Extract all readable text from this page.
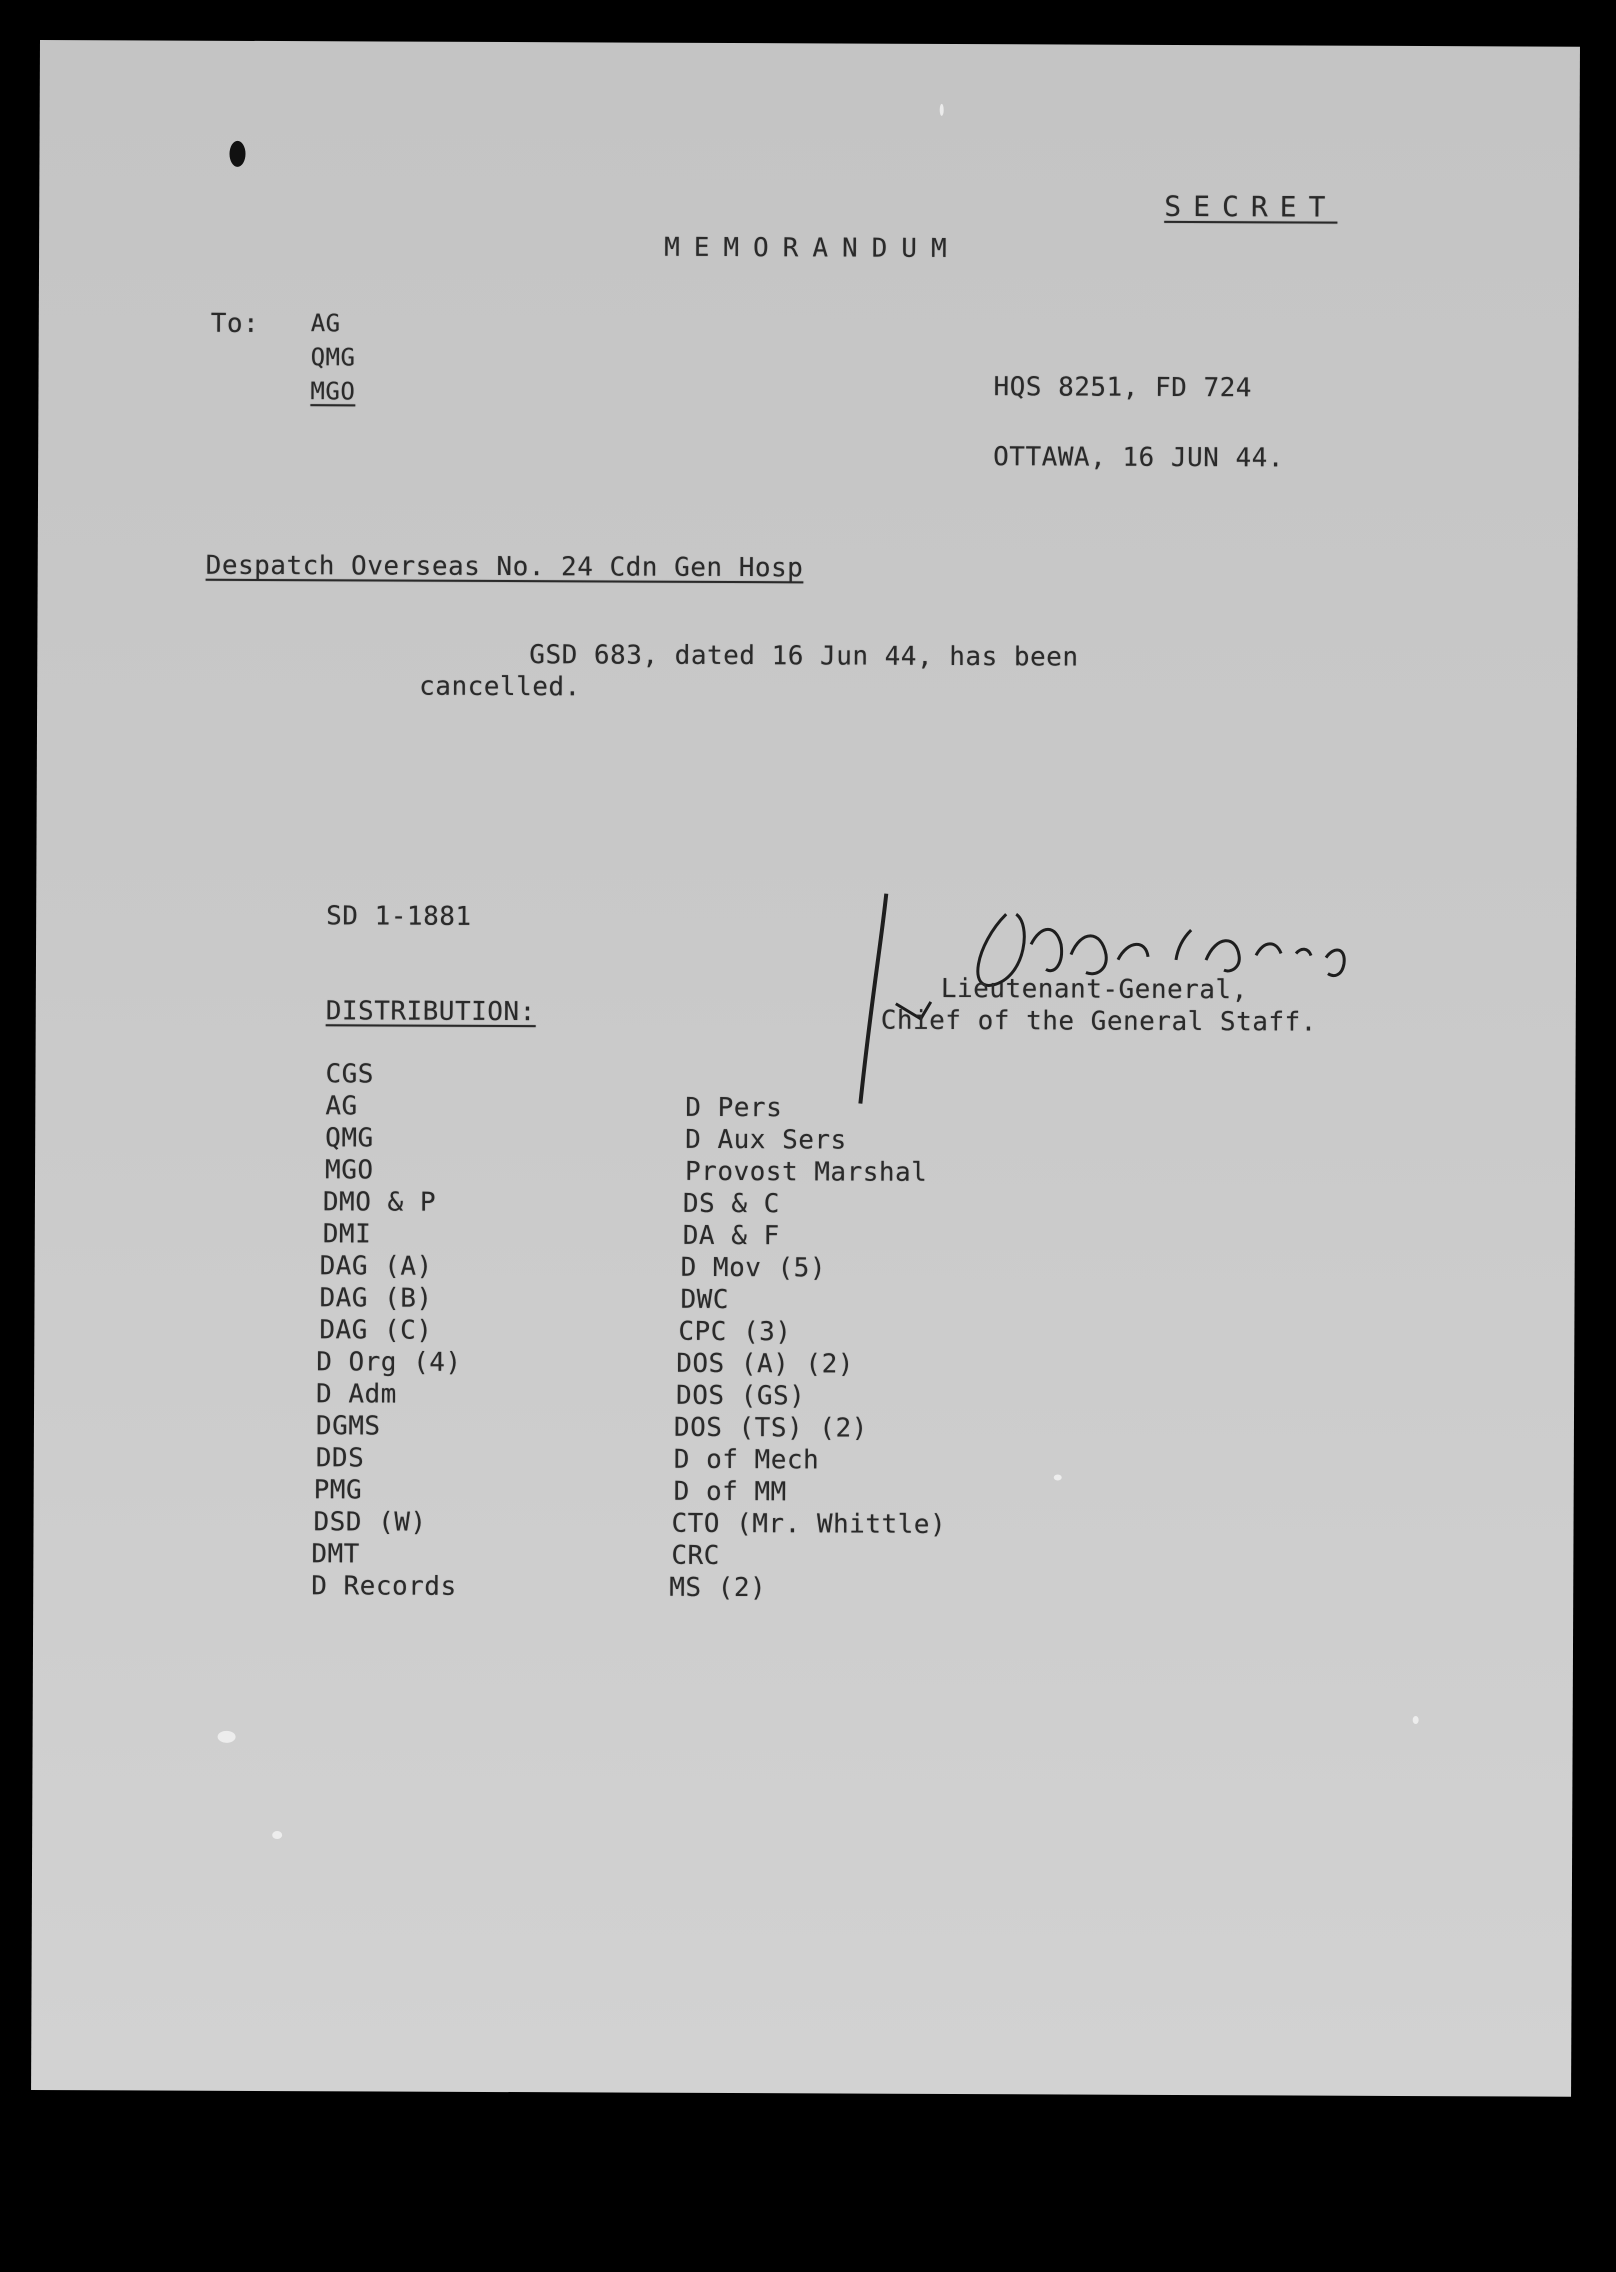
SECRET
MEMORANDUM
To: AG
QMG
MGO	HQS 8251, FD 724
OTTAWA, 16 JUN 44.
Despatch Overseas No. 24 Cdn Gen Hosp
GSD 683, dated 16 Jun 44, has been
cancelled.
SD 1-1881
Lieutenant-General,
Chief of the General Staff.
DISTRIBUTION:
CGS
AG
QMG
MGO
DMO & P
DMI
DAG (A)
DAG (B)
DAG (C)
D Org (4)
D Adm
DGMS
DDS
PMG
DSD (W)
DMT
D Records
D Pers
D Aux Sers
Provost Marshal
DS & C
DA & F
D Mov (5)
DWC
CPC (3)
DOS (A) (2)
DOS (GS)
DOS (TS) (2)
D of Mech
D of MM
CTO (Mr. Whittle)
CRC
MS (2)
